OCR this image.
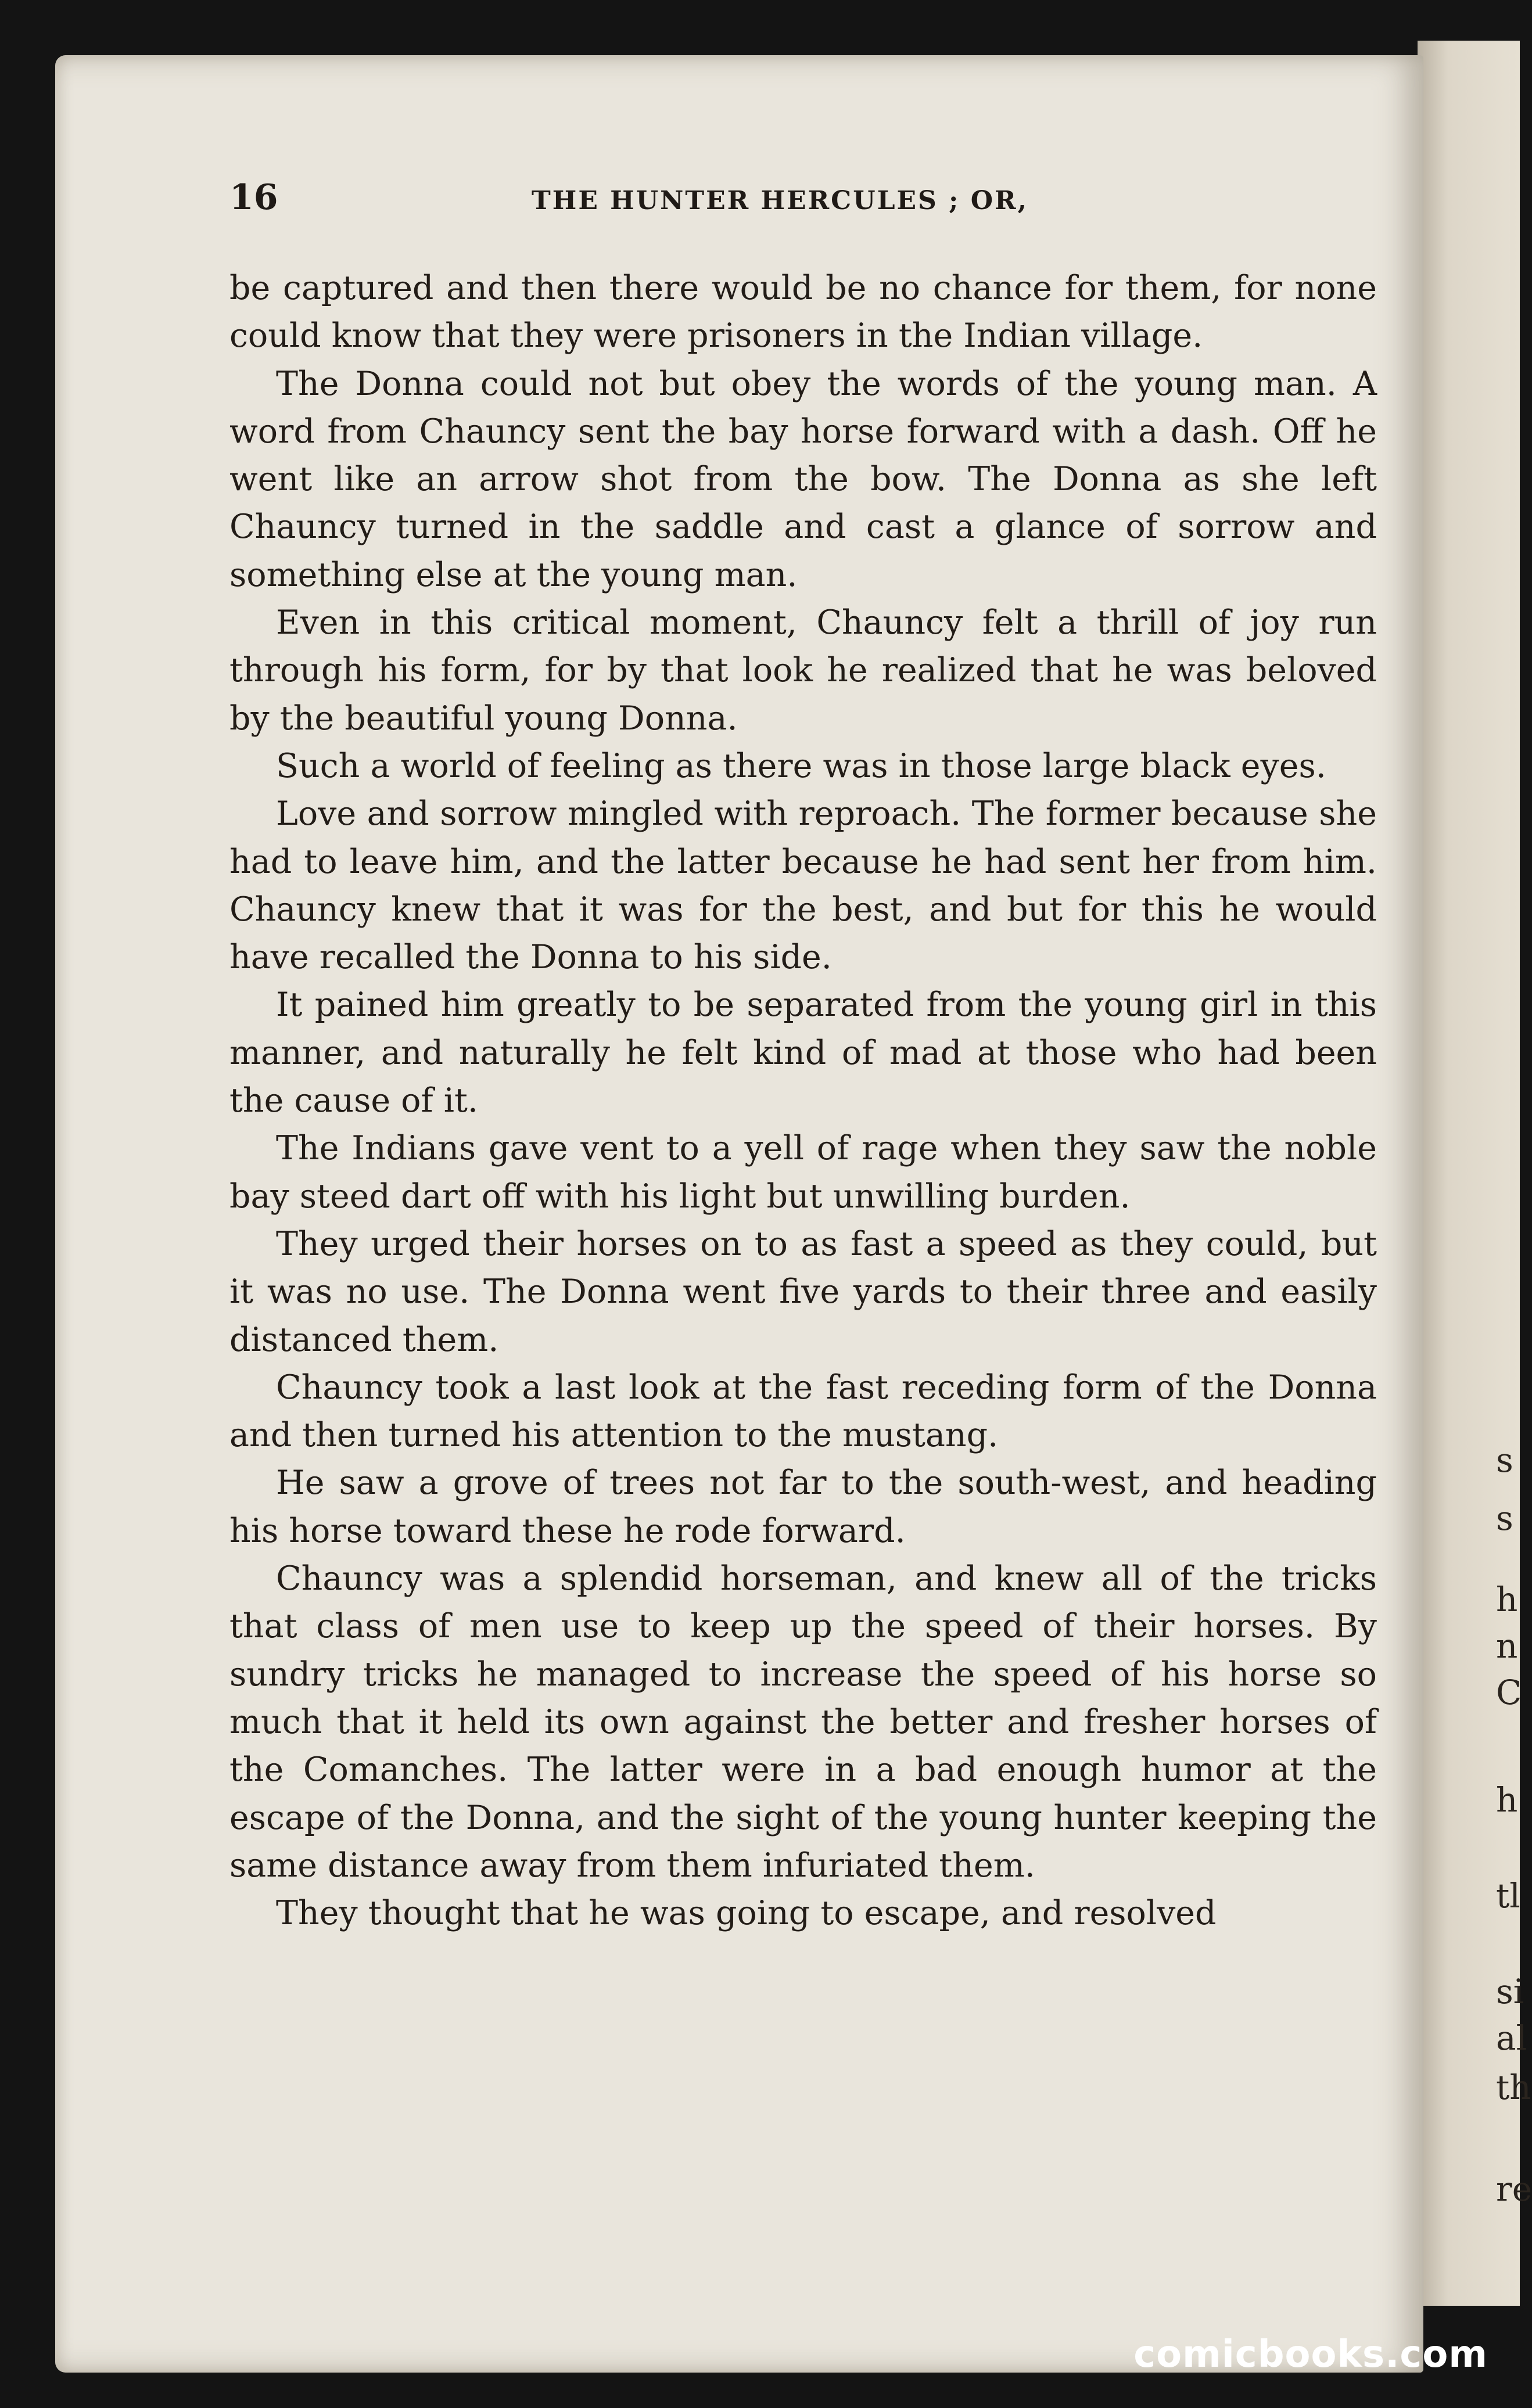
s
s
h
n
C
h
tl
si
al
th
re
16	THE HUNTER HERCULES ; OR,

be captured and then there would be no chance for them, for none could know that they were prisoners in the Indian village.

The Donna could not but obey the words of the young man. A word from Chauncy sent the bay horse forward with a dash. Off he went like an arrow shot from the bow. The Donna as she left Chauncy turned in the saddle and cast a glance of sorrow and something else at the young man.

Even in this critical moment, Chauncy felt a thrill of joy run through his form, for by that look he realized that he was beloved by the beautiful young Donna.

Such a world of feeling as there was in those large black eyes.

Love and sorrow mingled with reproach. The former because she had to leave him, and the latter because he had sent her from him. Chauncy knew that it was for the best, and but for this he would have recalled the Donna to his side.

It pained him greatly to be separated from the young girl in this manner, and naturally he felt kind of mad at those who had been the cause of it.

The Indians gave vent to a yell of rage when they saw the noble bay steed dart off with his light but unwilling burden.

They urged their horses on to as fast a speed as they could, but it was no use. The Donna went five yards to their three and easily distanced them.

Chauncy took a last look at the fast receding form of the Donna and then turned his attention to the mustang.

He saw a grove of trees not far to the south-west, and heading his horse toward these he rode forward.

Chauncy was a splendid horseman, and knew all of the tricks that class of men use to keep up the speed of their horses. By sundry tricks he managed to increase the speed of his horse so much that it held its own against the better and fresher horses of the Comanches. The latter were in a bad enough humor at the escape of the Donna, and the sight of the young hunter keeping the same distance away from them infuriated them.

They thought that he was going to escape, and resolved

comicbooks.com
